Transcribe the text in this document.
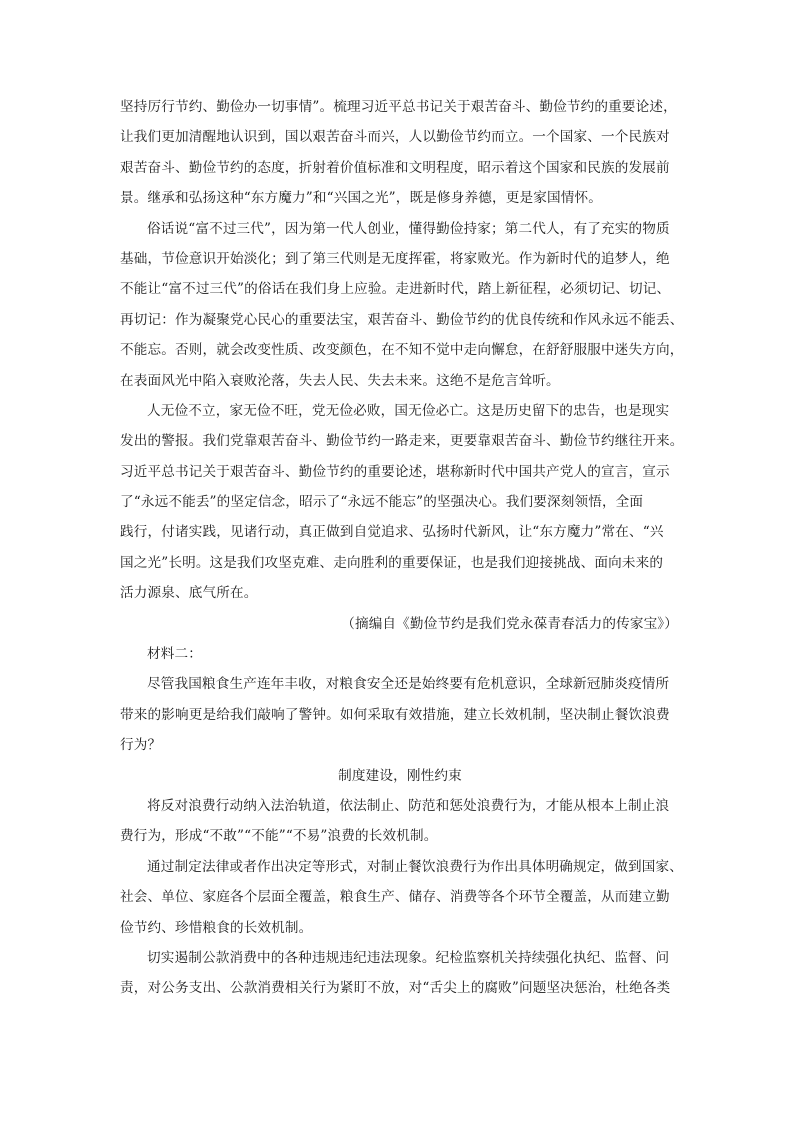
坚持厉行节约、勤俭办一切事情”。梳理习近平总书记关于艰苦奋斗、勤俭节约的重要论述，
让我们更加清醒地认识到，国以艰苦奋斗而兴，人以勤俭节约而立。一个国家、一个民族对
艰苦奋斗、勤俭节约的态度，折射着价值标准和文明程度，昭示着这个国家和民族的发展前
景。继承和弘扬这种“东方魔力”和“兴国之光”，既是修身养德，更是家国情怀。
俗话说“富不过三代”，因为第一代人创业，懂得勤俭持家；第二代人，有了充实的物质
基础，节俭意识开始淡化；到了第三代则是无度挥霍，将家败光。作为新时代的追梦人，绝
不能让“富不过三代”的俗话在我们身上应验。走进新时代，踏上新征程，必须切记、切记、
再切记：作为凝聚党心民心的重要法宝，艰苦奋斗、勤俭节约的优良传统和作风永远不能丢、
不能忘。否则，就会改变性质、改变颜色，在不知不觉中走向懈怠，在舒舒服服中迷失方向，
在表面风光中陷入衰败沦落，失去人民、失去未来。这绝不是危言耸听。
人无俭不立，家无俭不旺，党无俭必败，国无俭必亡。这是历史留下的忠告，也是现实
发出的警报。我们党靠艰苦奋斗、勤俭节约一路走来，更要靠艰苦奋斗、勤俭节约继往开来。
习近平总书记关于艰苦奋斗、勤俭节约的重要论述，堪称新时代中国共产党人的宣言，宣示
了“永远不能丢”的坚定信念，昭示了“永远不能忘”的坚强决心。我们要深刻领悟，全面
践行，付诸实践，见诸行动，真正做到自觉追求、弘扬时代新风，让“东方魔力”常在、“兴
国之光”长明。这是我们攻坚克难、走向胜利的重要保证，也是我们迎接挑战、面向未来的
活力源泉、底气所在。
（摘编自《勤俭节约是我们党永葆青春活力的传家宝》）
材料二：
尽管我国粮食生产连年丰收，对粮食安全还是始终要有危机意识，全球新冠肺炎疫情所
带来的影响更是给我们敲响了警钟。如何采取有效措施，建立长效机制，坚决制止餐饮浪费
行为？
制度建设，刚性约束
将反对浪费行动纳入法治轨道，依法制止、防范和惩处浪费行为，才能从根本上制止浪
费行为，形成“不敢”“不能”“不易”浪费的长效机制。
通过制定法律或者作出决定等形式，对制止餐饮浪费行为作出具体明确规定，做到国家、
社会、单位、家庭各个层面全覆盖，粮食生产、储存、消费等各个环节全覆盖，从而建立勤
俭节约、珍惜粮食的长效机制。
切实遏制公款消费中的各种违规违纪违法现象。纪检监察机关持续强化执纪、监督、问
责，对公务支出、公款消费相关行为紧盯不放，对“舌尖上的腐败”问题坚决惩治，杜绝各类
